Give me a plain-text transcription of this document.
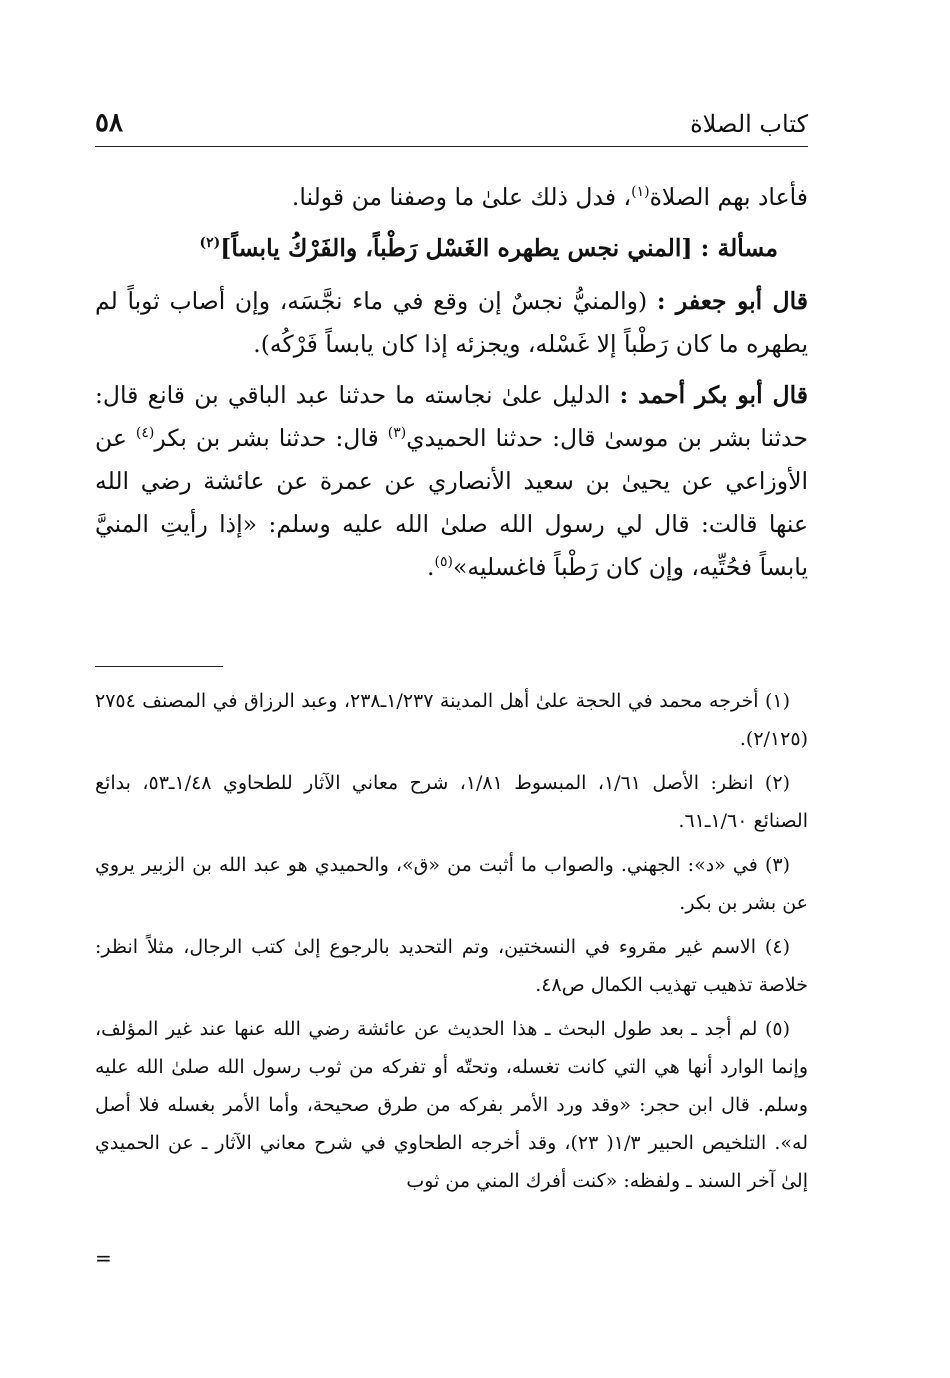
كتاب الصلاة
٥٨

فأعاد بهم الصلاة$^{(١)}$، فدل ذلك علىٰ ما وصفنا من قولنا.

مسألة : [المني نجس يطهره الغَسْل رَطْباً، والفَرْكُ يابساً]$^{(٢)}$

قال أبو جعفر : (والمنيُّ نجسٌ إن وقع في ماء نجَّسَه، وإن أصاب ثوباً لم يطهره ما كان رَطْباً إلا غَسْله، ويجزئه إذا كان يابساً فَرْكُه).

قال أبو بكر أحمد : الدليل علىٰ نجاسته ما حدثنا عبد الباقي بن قانع قال: حدثنا بشر بن موسىٰ قال: حدثنا الحميدي$^{(٣)}$ قال: حدثنا بشر بن بكر$^{(٤)}$ عن الأوزاعي عن يحيىٰ بن سعيد الأنصاري عن عمرة عن عائشة رضي الله عنها قالت: قال لي رسول الله صلىٰ الله عليه وسلم: «إذا رأيتِ المنيَّ يابساً فحُتِّيه، وإن كان رَطْباً فاغسليه»$^{(٥)}$.

(١) أخرجه محمد في الحجة علىٰ أهل المدينة ١/٢٣٧ـ٢٣٨، وعبد الرزاق في المصنف ٢٧٥٤ (٢/١٢٥).

(٢) انظر: الأصل ١/٦١، المبسوط ١/٨١، شرح معاني الآثار للطحاوي ١/٤٨ـ٥٣، بدائع الصنائع ١/٦٠ـ٦١.

(٣) في «د»: الجهني. والصواب ما أثبت من «ق»، والحميدي هو عبد الله بن الزبير يروي عن بشر بن بكر.

(٤) الاسم غير مقروء في النسختين، وتم التحديد بالرجوع إلىٰ كتب الرجال، مثلاً انظر: خلاصة تذهيب تهذيب الكمال ص٤٨.

(٥) لم أجد ـ بعد طول البحث ـ هذا الحديث عن عائشة رضي الله عنها عند غير المؤلف، وإنما الوارد أنها هي التي كانت تغسله، وتحتّه أو تفركه من ثوب رسول الله صلىٰ الله عليه وسلم. قال ابن حجر: «وقد ورد الأمر بفركه من طرق صحيحة، وأما الأمر بغسله فلا أصل له». التلخيص الحبير ١/٣( ٢٣)، وقد أخرجه الطحاوي في شرح معاني الآثار ـ عن الحميدي إلىٰ آخر السند ـ ولفظه: «كنت أفرك المني من ثوب

=
